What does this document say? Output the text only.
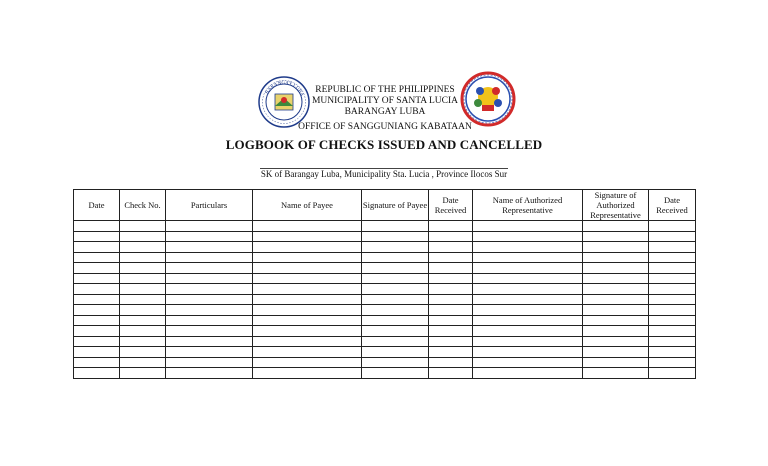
BARANGAY LUBA	REPUBLIC OF THE PHILIPPINES
MUNICIPALITY OF SANTA LUCIA
BARANGAY LUBA
OFFICE OF SANGGUNIANG KABATAAN
LOGBOOK OF CHECKS ISSUED AND CANCELLED
SK of Barangay Luba, Municipality Sta. Lucia , Province Ilocos Sur
Date	Check No.	Particulars	Name of Payee	Signature of Payee	Date Received	Name of Authorized Representative	Signature of Authorized Representative	Date Received
